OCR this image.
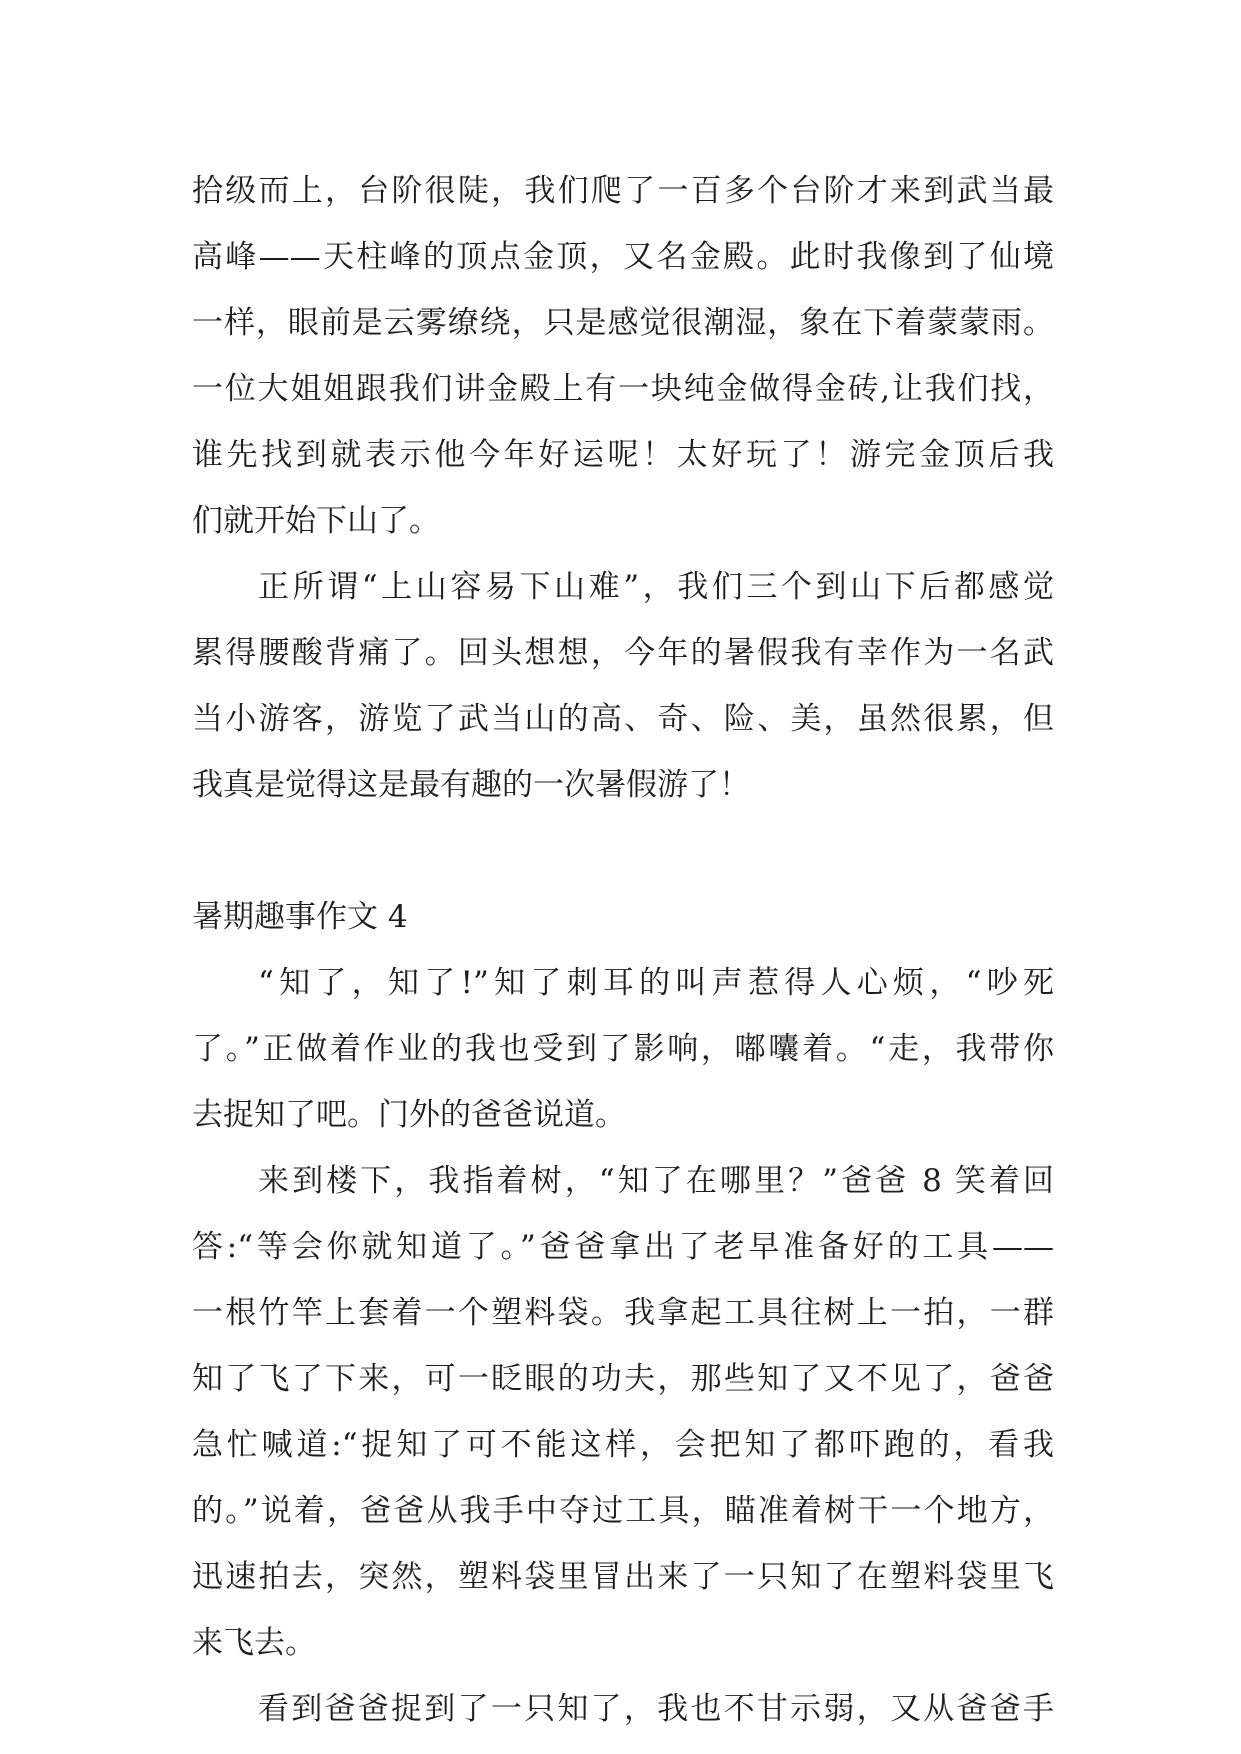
拾级而上，台阶很陡，我们爬了一百多个台阶才来到武当最
高峰——天柱峰的顶点金顶，又名金殿。此时我像到了仙境
一样，眼前是云雾缭绕，只是感觉很潮湿，象在下着蒙蒙雨。
一位大姐姐跟我们讲金殿上有一块纯金做得金砖,让我们找，
谁先找到就表示他今年好运呢！太好玩了！游完金顶后我
们就开始下山了。
正所谓“上山容易下山难”，我们三个到山下后都感觉
累得腰酸背痛了。回头想想，今年的暑假我有幸作为一名武
当小游客，游览了武当山的高、奇、险、美，虽然很累，但
我真是觉得这是最有趣的一次暑假游了！
暑期趣事作文 4
“知了，知了!”知了刺耳的叫声惹得人心烦，“吵死
了。”正做着作业的我也受到了影响，嘟囔着。“走，我带你
去捉知了吧。门外的爸爸说道。
来到楼下，我指着树，“知了在哪里？”爸爸 8 笑着回
答:“等会你就知道了。”爸爸拿出了老早准备好的工具——
一根竹竿上套着一个塑料袋。我拿起工具往树上一拍，一群
知了飞了下来，可一眨眼的功夫，那些知了又不见了，爸爸
急忙喊道:“捉知了可不能这样，会把知了都吓跑的，看我
的。”说着，爸爸从我手中夺过工具，瞄准着树干一个地方，
迅速拍去，突然，塑料袋里冒出来了一只知了在塑料袋里飞
来飞去。
看到爸爸捉到了一只知了，我也不甘示弱，又从爸爸手
